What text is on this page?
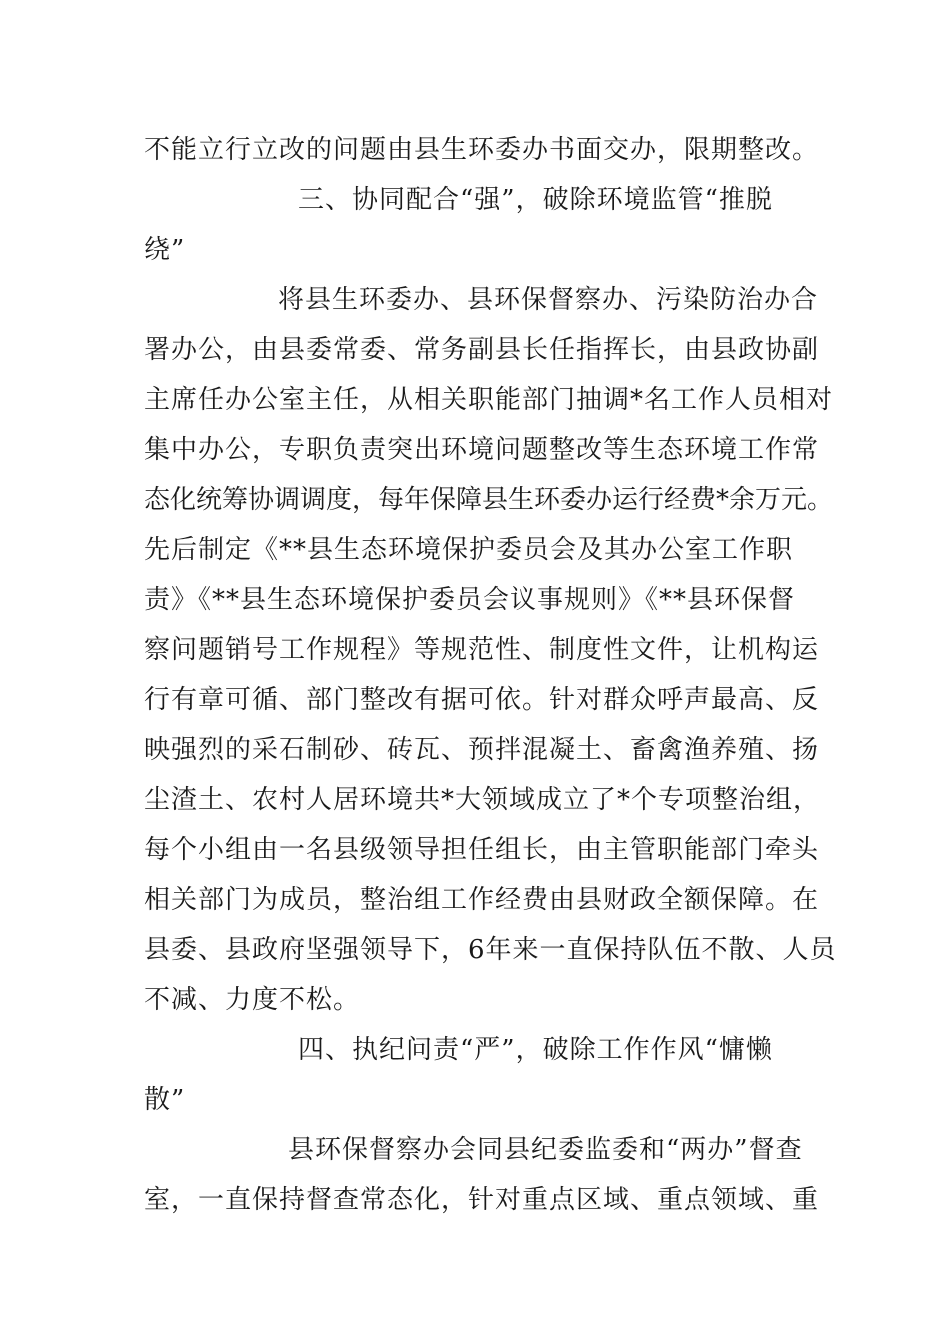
不能立行立改的问题由县生环委办书面交办，限期整改。
三、协同配合“强”，破除环境监管“推脱
绕”
将县生环委办、县环保督察办、污染防治办合
署办公，由县委常委、常务副县长任指挥长，由县政协副
主席任办公室主任，从相关职能部门抽调*名工作人员相对
集中办公，专职负责突出环境问题整改等生态环境工作常
态化统筹协调调度，每年保障县生环委办运行经费*余万元。
先后制定《**县生态环境保护委员会及其办公室工作职
责》《**县生态环境保护委员会议事规则》《**县环保督
察问题销号工作规程》等规范性、制度性文件，让机构运
行有章可循、部门整改有据可依。针对群众呼声最高、反
映强烈的采石制砂、砖瓦、预拌混凝土、畜禽渔养殖、扬
尘渣土、农村人居环境共*大领域成立了*个专项整治组，
每个小组由一名县级领导担任组长，由主管职能部门牵头
相关部门为成员，整治组工作经费由县财政全额保障。在
县委、县政府坚强领导下，6年来一直保持队伍不散、人员
不减、力度不松。
四、执纪问责“严”，破除工作作风“慵懒
散”
县环保督察办会同县纪委监委和“两办”督查
室，一直保持督查常态化，针对重点区域、重点领域、重
